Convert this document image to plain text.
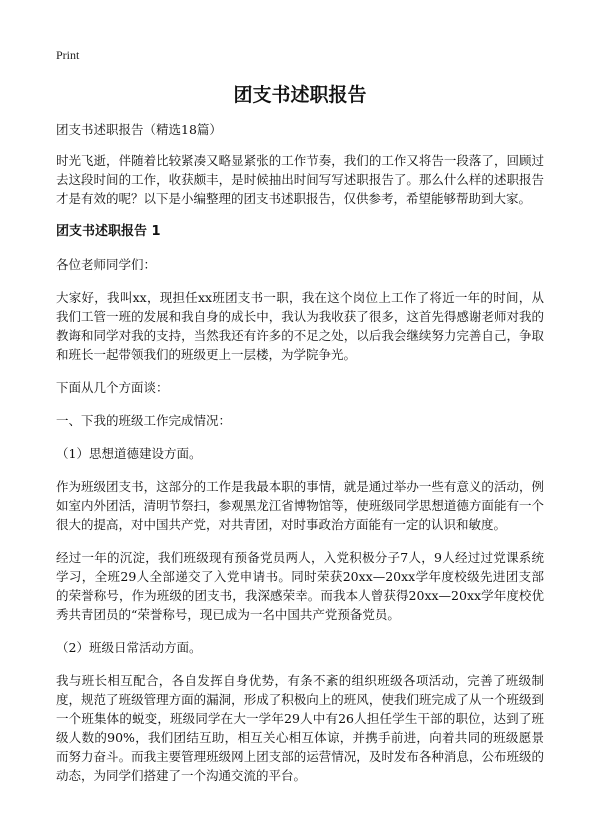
Print
团支书述职报告

团支书述职报告（精选18篇）

时光飞逝，伴随着比较紧凑又略显紧张的工作节奏，我们的工作又将告一段落了，回顾过去这段时间的工作，收获颇丰，是时候抽出时间写写述职报告了。那么什么样的述职报告才是有效的呢？以下是小编整理的团支书述职报告，仅供参考，希望能够帮助到大家。

团支书述职报告 1

各位老师同学们：

大家好，我叫xx，现担任xx班团支书一职，我在这个岗位上工作了将近一年的时间，从我们工管一班的发展和我自身的成长中，我认为我收获了很多，这首先得感谢老师对我的教诲和同学对我的支持，当然我还有许多的不足之处，以后我会继续努力完善自己，争取和班长一起带领我们的班级更上一层楼，为学院争光。

下面从几个方面谈：

一、下我的班级工作完成情况：

（1）思想道德建设方面。

作为班级团支书，这部分的工作是我最本职的事情，就是通过举办一些有意义的活动，例如室内外团活，清明节祭扫，参观黑龙江省博物馆等，使班级同学思想道德方面能有一个很大的提高，对中国共产党，对共青团，对时事政治方面能有一定的认识和敏度。

经过一年的沉淀，我们班级现有预备党员两人，入党积极分子7人，9人经过过党课系统学习，全班29人全部递交了入党申请书。同时荣获20xx—20xx学年度校级先进团支部的荣誉称号，作为班级的团支书，我深感荣幸。而我本人曾获得20xx—20xx学年度校优秀共青团员的“荣誉称号，现已成为一名中国共产党预备党员。

（2）班级日常活动方面。

我与班长相互配合，各自发挥自身优势，有条不紊的组织班级各项活动，完善了班级制度，规范了班级管理方面的漏洞，形成了积极向上的班风，使我们班完成了从一个班级到一个班集体的蜕变，班级同学在大一学年29人中有26人担任学生干部的职位，达到了班级人数的90%，我们团结互助，相互关心相互体谅，并携手前进，向着共同的班级愿景而努力奋斗。而我主要管理班级网上团支部的运营情况，及时发布各种消息，公布班级的动态，为同学们搭建了一个沟通交流的平台。
